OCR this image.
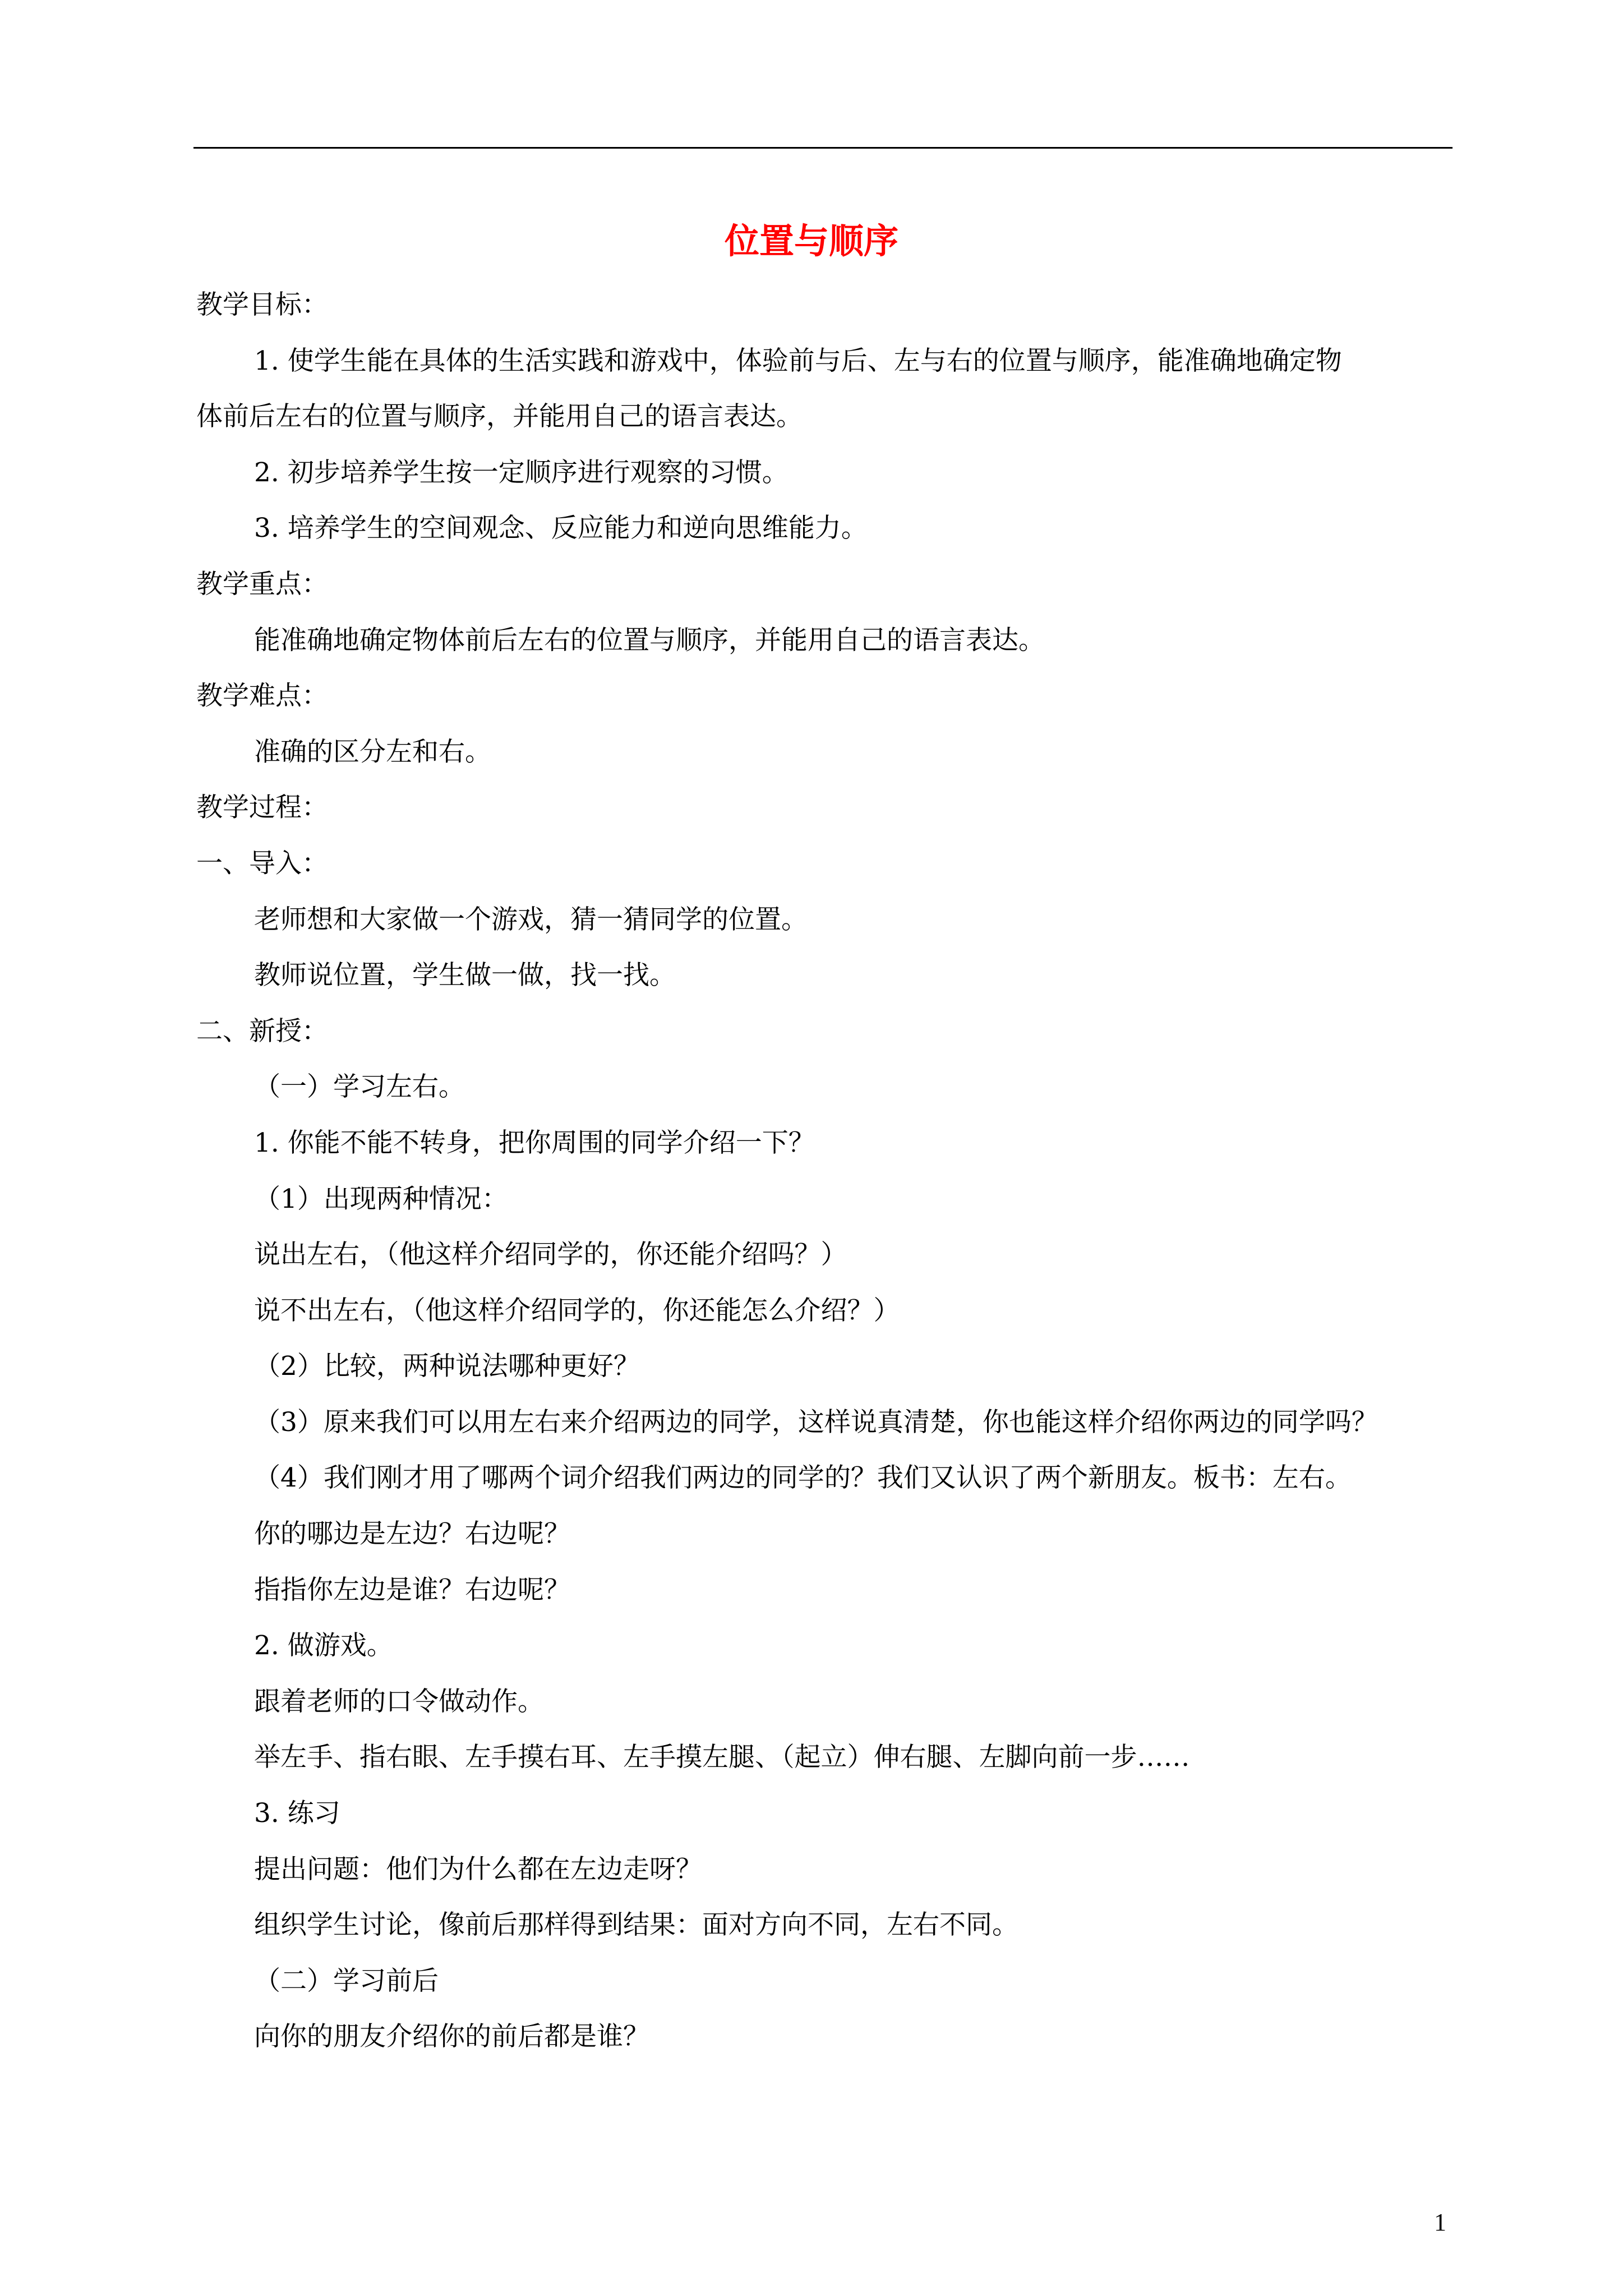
位置与顺序
教学目标：
1. 使学生能在具体的生活实践和游戏中，体验前与后、左与右的位置与顺序，能准确地确定物
体前后左右的位置与顺序，并能用自己的语言表达。
2. 初步培养学生按一定顺序进行观察的习惯。
3. 培养学生的空间观念、反应能力和逆向思维能力。
教学重点：
能准确地确定物体前后左右的位置与顺序，并能用自己的语言表达。
教学难点：
准确的区分左和右。
教学过程：
一、导入：
老师想和大家做一个游戏，猜一猜同学的位置。
教师说位置，学生做一做，找一找。
二、新授：
（一）学习左右。
1. 你能不能不转身，把你周围的同学介绍一下？
（1）出现两种情况：
说出左右，（他这样介绍同学的，你还能介绍吗？）
说不出左右，（他这样介绍同学的，你还能怎么介绍？）
（2）比较，两种说法哪种更好？
（3）原来我们可以用左右来介绍两边的同学，这样说真清楚，你也能这样介绍你两边的同学吗？
（4）我们刚才用了哪两个词介绍我们两边的同学的？我们又认识了两个新朋友。板书：左右。
你的哪边是左边？右边呢？
指指你左边是谁？右边呢？
2. 做游戏。
跟着老师的口令做动作。
举左手、指右眼、左手摸右耳、左手摸左腿、（起立）伸右腿、左脚向前一步……
3. 练习
提出问题：他们为什么都在左边走呀？
组织学生讨论，像前后那样得到结果：面对方向不同，左右不同。
（二）学习前后
向你的朋友介绍你的前后都是谁？
1
